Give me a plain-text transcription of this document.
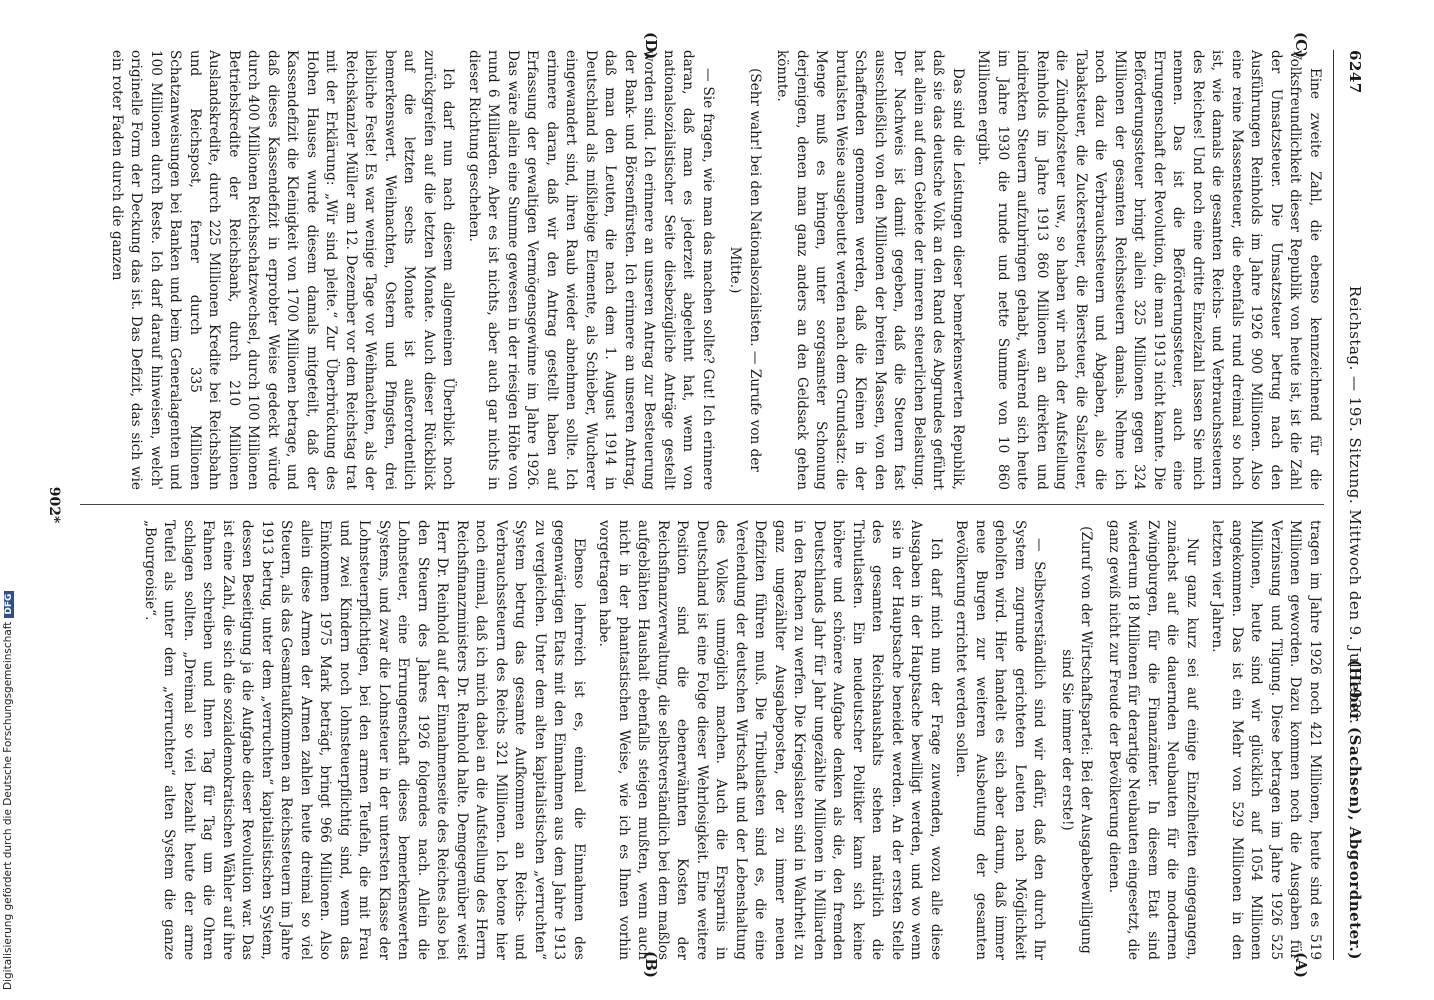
6247
Reichstag. — 195. Sitzung. Mittwoch den 9. Juli 1930.
(Heber (Sachsen), Abgeordneter.)
(C)
(D)
(A)
(B)

Eine zweite Zahl, die ebenso kennzeichnend für die Volksfreundlichkeit dieser Republik von heute ist, ist die Zahl der Umsatzsteuer. Die Umsatzsteuer betrug nach den Ausführungen Reinholds im Jahre 1926 900 Millionen. Also eine reine Massensteuer, die ebenfalls rund dreimal so hoch ist, wie damals die gesamten Reichs- und Verbrauchssteuern des Reiches! Und noch eine dritte Einzelzahl lassen Sie mich nennen. Das ist die Beförderungssteuer, auch eine Errungenschaft der Revolution, die man 1913 nicht kannte. Die Beförderungssteuer bringt allein 325 Millionen gegen 324 Millionen der gesamten Reichssteuern damals. Nehme ich noch dazu die Verbrauchssteuern und Abgaben, also die Tabaksteuer, die Zuckersteuer, die Biersteuer, die Salzsteuer, die Zündholzsteuer usw., so haben wir nach der Aufstellung Reinholds im Jahre 1913 860 Millionen an direkten und indirekten Steuern aufzubringen gehabt, während sich heute im Jahre 1930 die runde und nette Summe von 10 860 Millionen ergibt.

Das sind die Leistungen dieser bemerkenswerten Republik, daß sie das deutsche Volk an den Rand des Abgrundes geführt hat allein auf dem Gebiete der inneren steuerlichen Belastung. Der Nachweis ist damit gegeben, daß die Steuern fast ausschließlich von den Millionen der breiten Massen, von den Schaffenden genommen werden, daß die Kleinen in der brutalsten Weise ausgebeutet werden nach dem Grundsatz: die Menge muß es bringen, unter sorgsamster Schonung derjenigen, denen man ganz anders an den Geldsack gehen könnte.

(Sehr wahr! bei den Nationalsozialisten. — Zurufe von der Mitte.)

— Sie fragen, wie man das machen sollte? Gut! Ich erinnere daran, daß man es jederzeit abgelehnt hat, wenn von nationalsozialistischer Seite diesbezügliche Anträge gestellt worden sind. Ich erinnere an unseren Antrag zur Besteuerung der Bank- und Börsenfürsten. Ich erinnere an unseren Antrag, daß man den Leuten, die nach dem 1. August 1914 in Deutschland als mißliebige Elemente, als Schieber, Wucherer eingewandert sind, ihren Raub wieder abnehmen sollte. Ich erinnere daran, daß wir den Antrag gestellt haben auf Erfassung der gewaltigen Vermögensgewinne im Jahre 1926. Das wäre allein eine Summe gewesen in der riesigen Höhe von rund 6 Milliarden. Aber es ist nichts, aber auch gar nichts in dieser Richtung geschehen.

Ich darf nun nach diesem allgemeinen Überblick noch zurückgreifen auf die letzten Monate. Auch dieser Rückblick auf die letzten sechs Monate ist außerordentlich bemerkenswert. Weihnachten, Ostern und Pfingsten, drei liebliche Feste! Es war wenige Tage vor Weihnachten, als der Reichskanzler Müller am 12. Dezember vor dem Reichstag trat mit der Erklärung: „Wir sind pleite.“ Zur Überbrückung des Hohen Hauses wurde diesem damals mitgeteilt, daß der Kassendefizit die Kleinigkeit von 1700 Millionen betrage, und daß dieses Kassendefizit in erprobter Weise gedeckt würde durch 400 Millionen Reichsschatzwechsel, durch 100 Millionen Betriebskredite der Reichsbank, durch 210 Millionen Auslandskredite, durch 225 Millionen Kredite bei Reichsbahn und Reichspost, ferner durch 335 Millionen Schatzanweisungen bei Banken und beim Generalagenten und 100 Millionen durch Reste. Ich darf darauf hinweisen, welch' originelle Form der Deckung das ist. Das Defizit, das sich wie ein roter Faden durch die ganzen

tragen im Jahre 1926 noch 421 Millionen, heute sind es 519 Millionen geworden. Dazu kommen noch die Ausgaben für Verzinsung und Tilgung. Diese betragen im Jahre 1926 525 Millionen, heute sind wir glücklich auf 1054 Millionen angekommen. Das ist ein Mehr von 529 Millionen in den letzten vier Jahren.

Nur ganz kurz sei auf einige Einzelheiten eingegangen, zunächst auf die dauernden Neubauten für die modernen Zwingburgen, für die Finanzämter. In diesem Etat sind wiederum 18 Millionen für derartige Neubauten eingesetzt, die ganz gewiß nicht zur Freude der Bevölkerung dienen.

(Zuruf von der Wirtschaftspartei: Bei der Ausgabebewilligung sind Sie immer der erste!)

— Selbstverständlich sind wir dafür, daß den durch Ihr System zugrunde gerichteten Leuten nach Möglichkeit geholfen wird. Hier handelt es sich aber darum, daß immer neue Burgen zur weiteren Ausbeutung der gesamten Bevölkerung errichtet werden sollen.

Ich darf mich nun der Frage zuwenden, wozu alle diese Ausgaben in der Hauptsache bewilligt werden, und wo wenn sie in der Hauptsache beneidet werden. An der ersten Stelle des gesamten Reichshaushalts stehen natürlich die Tributlasten. Ein neudeutscher Politiker kann sich keine höhere und schönere Aufgabe denken als die, den fremden Deutschlands Jahr für Jahr ungezählte Millionen in Milliarden in den Rachen zu werfen. Die Kriegslasten sind in Wahrheit zu ganz ungezählter Ausgabeposten, der zu immer neuen Defiziten führen muß. Die Tributlasten sind es, die eine Verelendung der deutschen Wirtschaft und der Lebenshaltung des Volkes unmöglich machen. Auch die Ersparnis in Deutschland ist eine Folge dieser Wehrlosigkeit. Eine weitere Position sind die ebenerwähnten Kosten der Reichsfinanzverwaltung, die selbstverständlich bei dem maßlos aufgeblähten Haushalt ebenfalls steigen mußten, wenn auch nicht in der phantastischen Weise, wie ich es Ihnen vorhin vorgetragen habe.

Ebenso lehrreich ist es, einmal die Einnahmen des gegenwärtigen Etats mit den Einnahmen aus dem Jahre 1913 zu vergleichen. Unter dem alten kapitalistischen „verruchten“ System betrug das gesamte Aufkommen an Reichs- und Verbrauchssteuern des Reichs 321 Millionen. Ich betone hier noch einmal, daß ich mich dabei an die Aufstellung des Herrn Reichsfinanzministers Dr. Reinhold halte. Demgegenüber weist Herr Dr. Reinhold auf der Einnahmenseite des Reiches also bei den Steuern des Jahres 1926 folgendes nach. Allein die Lohnsteuer, eine Errungenschaft dieses bemerkenswerten Systems, und zwar die Lohnsteuer in der untersten Klasse der Lohnsteuerpflichtigen, bei den armen Teufeln, die mit Frau und zwei Kindern noch lohnsteuerpflichtig sind, wenn das Einkommen 1975 Mark beträgt, bringt 966 Millionen. Also allein diese Armen der Armen zahlen heute dreimal so viel Steuern, als das Gesamtaufkommen an Reichssteuern im Jahre 1913 betrug, unter dem „verruchten“ kapitalistischen System, dessen Beseitigung ja die Aufgabe dieser Revolution war. Das ist eine Zahl, die sich die sozialdemokratischen Wähler auf ihre Fahnen schreiben und Ihnen Tag für Tag um die Ohren schlagen sollten. „Dreimal so viel bezahlt heute der arme Teufel als unter dem „verruchten“ alten System die ganze „Bourgeoisie“.

902*
Digitalisierung gefördert durch die Deutsche ForschungsgemeinschaftDFG
